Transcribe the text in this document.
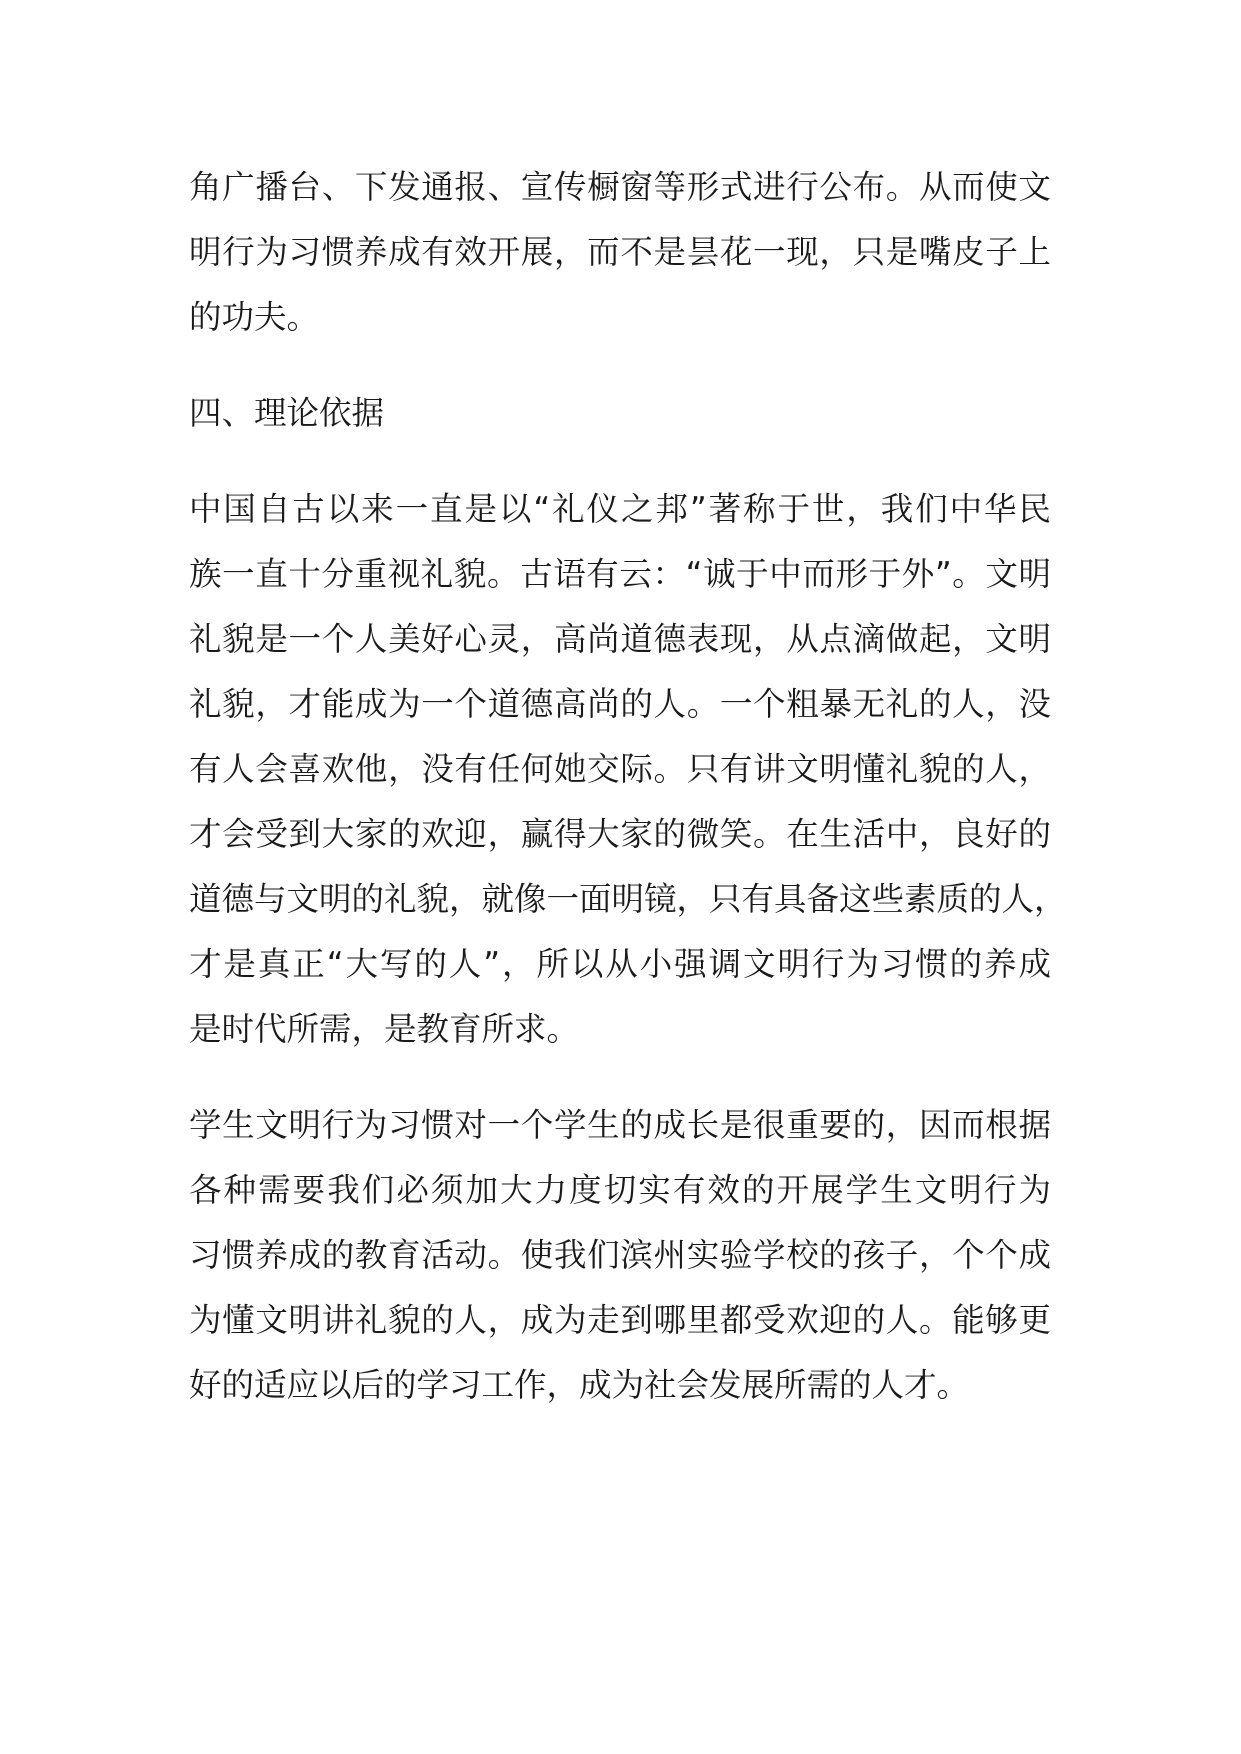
角广播台、下发通报、宣传橱窗等形式进行公布。从而使文
明行为习惯养成有效开展，而不是昙花一现，只是嘴皮子上
的功夫。
四、理论依据
中国自古以来一直是以“礼仪之邦”著称于世，我们中华民
族一直十分重视礼貌。古语有云：“诚于中而形于外”。文明
礼貌是一个人美好心灵，高尚道德表现，从点滴做起，文明
礼貌，才能成为一个道德高尚的人。一个粗暴无礼的人，没
有人会喜欢他，没有任何她交际。只有讲文明懂礼貌的人，
才会受到大家的欢迎，赢得大家的微笑。在生活中，良好的
道德与文明的礼貌，就像一面明镜，只有具备这些素质的人，
才是真正“大写的人”，所以从小强调文明行为习惯的养成
是时代所需，是教育所求。
学生文明行为习惯对一个学生的成长是很重要的，因而根据
各种需要我们必须加大力度切实有效的开展学生文明行为
习惯养成的教育活动。使我们滨州实验学校的孩子，个个成
为懂文明讲礼貌的人，成为走到哪里都受欢迎的人。能够更
好的适应以后的学习工作，成为社会发展所需的人才。
